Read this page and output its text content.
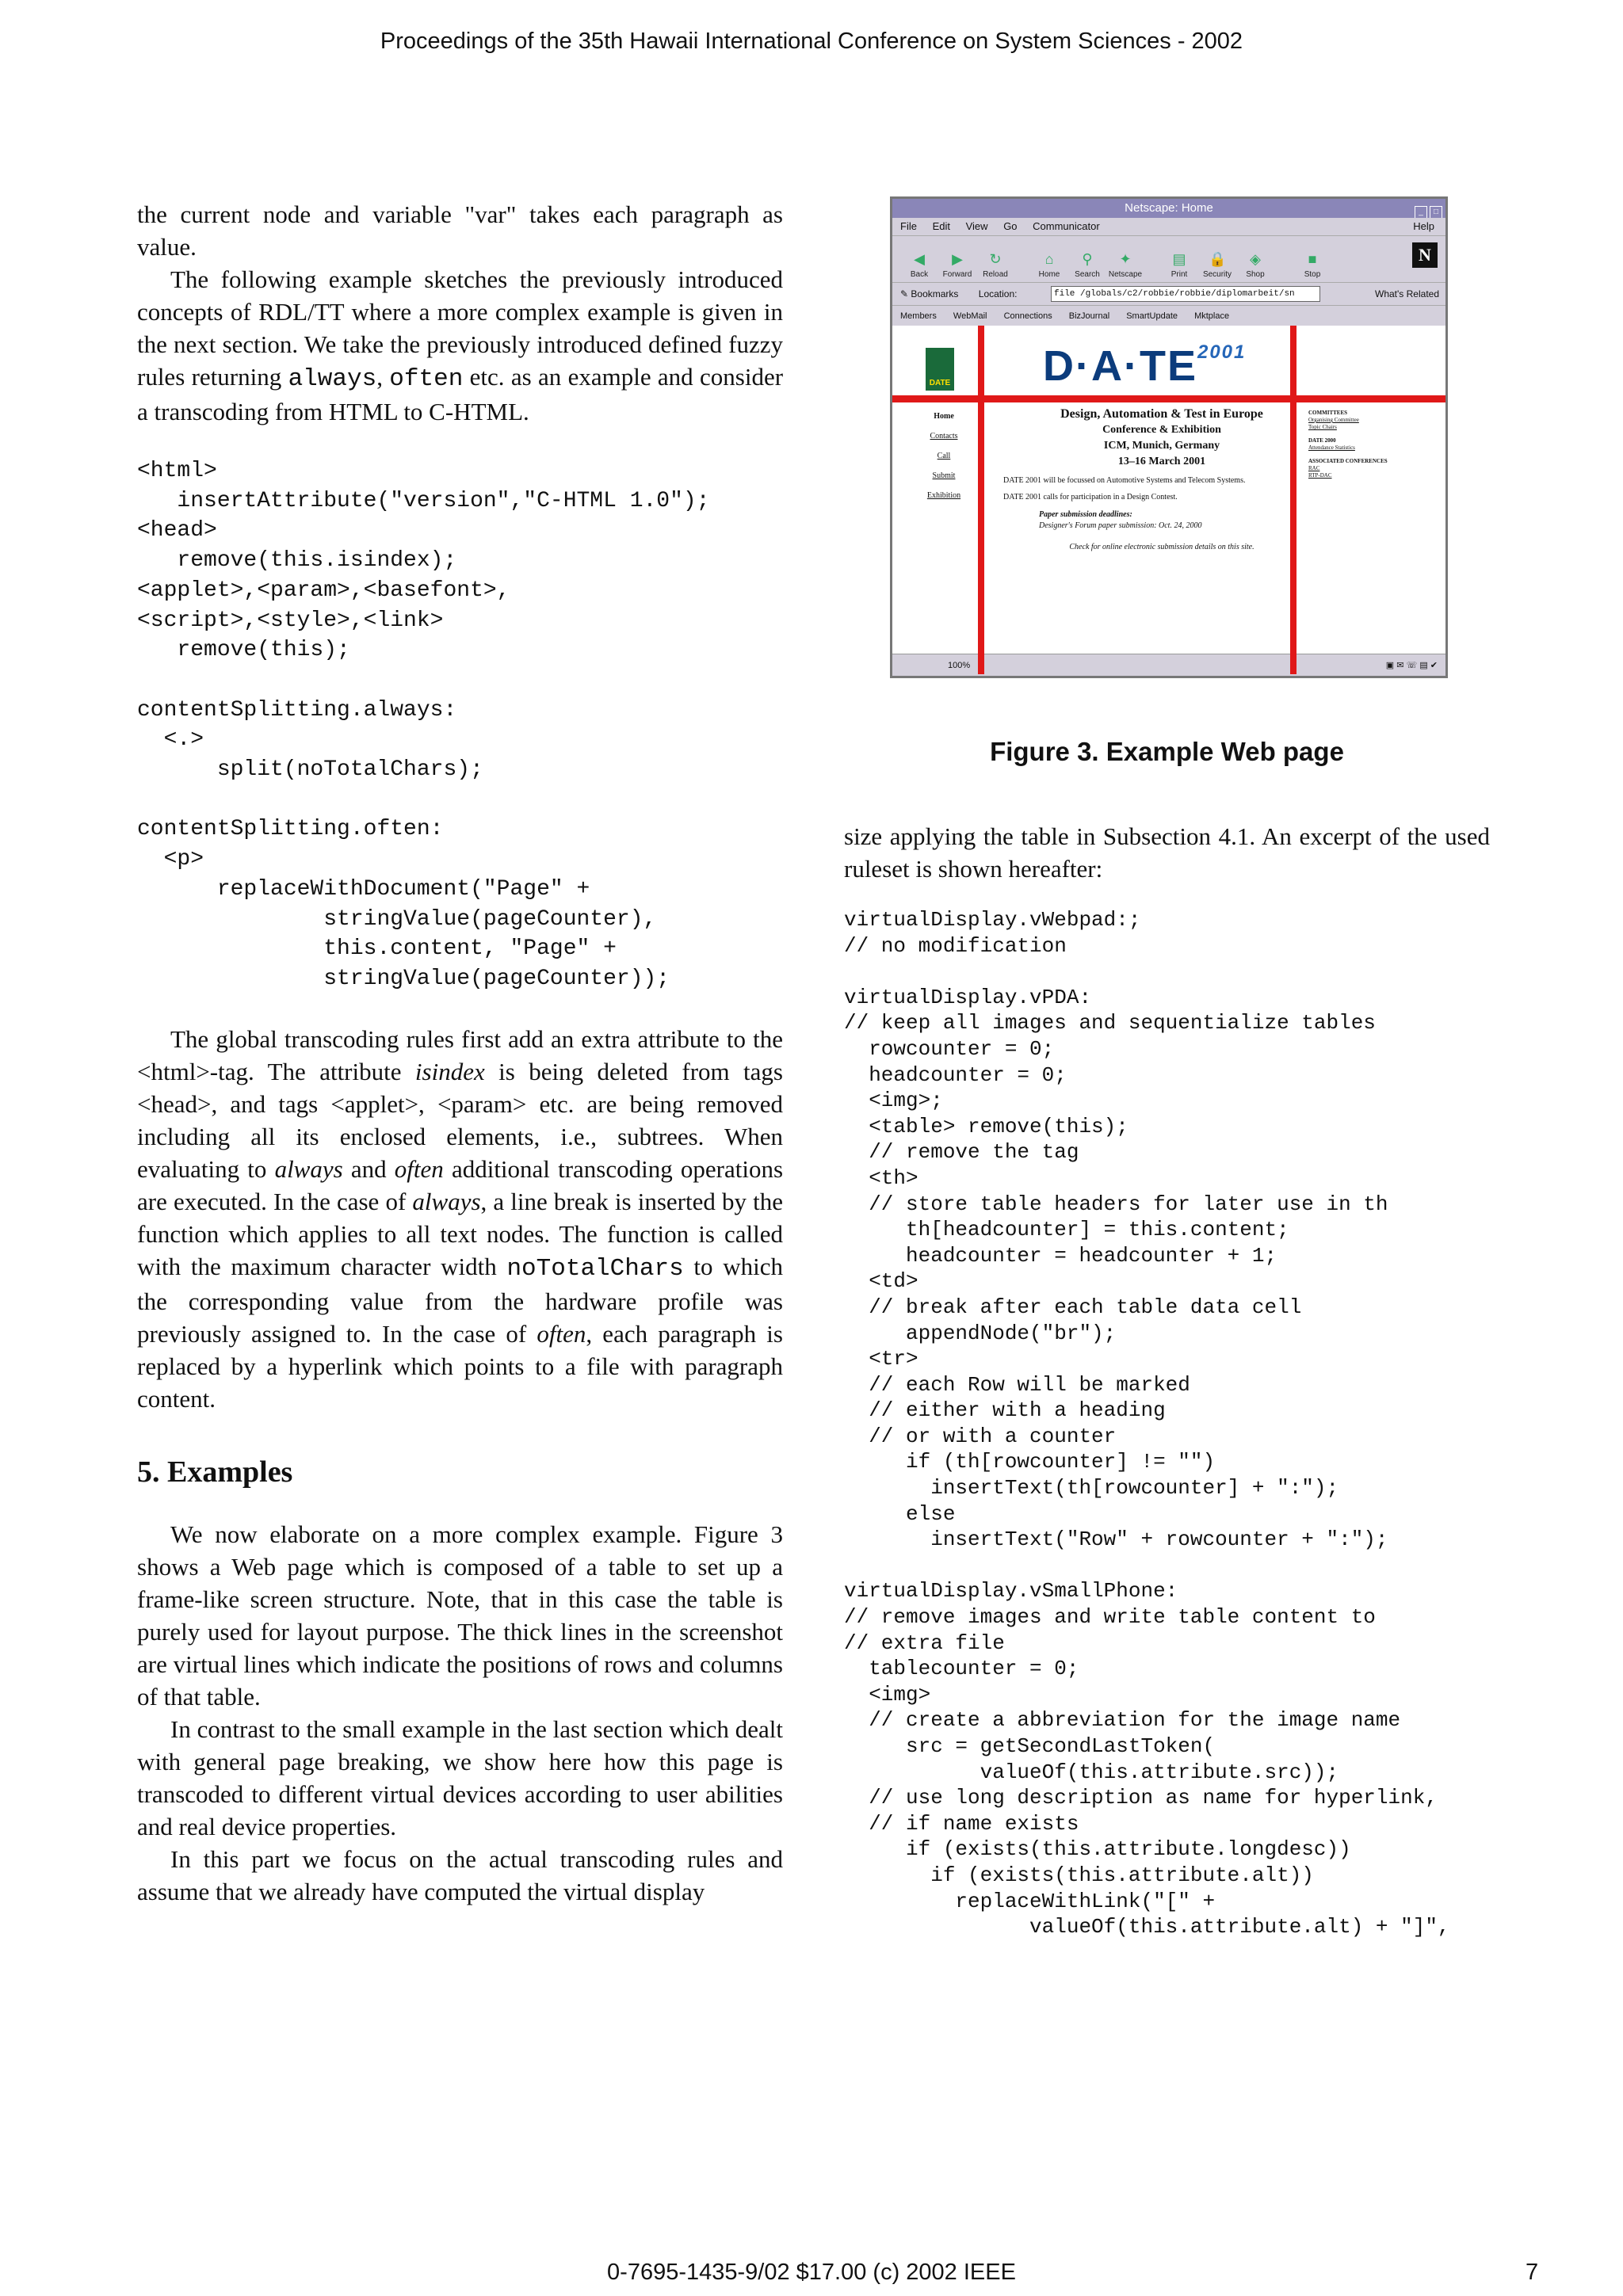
Proceedings of the 35th Hawaii International Conference on System Sciences - 2002

the current node and variable "var" takes each paragraph as value.

The following example sketches the previously introduced concepts of RDL/TT where a more complex example is given in the next section. We take the previously introduced defined fuzzy rules returning always, often etc. as an example and consider a transcoding from HTML to C-HTML.

<html>
insertAttribute("version","C-HTML 1.0");
<head>
remove(this.isindex);
<applet>,<param>,<basefont>,
<script>,<style>,<link>
remove(this);

contentSplitting.always:
<.>
split(noTotalChars);

contentSplitting.often:
<p>
replaceWithDocument("Page" +
stringValue(pageCounter),
this.content, "Page" +
stringValue(pageCounter));

The global transcoding rules first add an extra attribute to the <html>-tag. The attribute isindex is being deleted from tags <head>, and tags <applet>, <param> etc. are being removed including all its enclosed elements, i.e., subtrees. When evaluating to always and often additional transcoding operations are executed. In the case of always, a line break is inserted by the function which applies to all text nodes. The function is called with the maximum character width noTotalChars to which the corresponding value from the hardware profile was previously assigned to. In the case of often, each paragraph is replaced by a hyperlink which points to a file with paragraph content.

5. Examples

We now elaborate on a more complex example. Figure 3 shows a Web page which is composed of a table to set up a frame-like screen structure. Note, that in this case the table is purely used for layout purpose. The thick lines in the screenshot are virtual lines which indicate the positions of rows and columns of that table.

In contrast to the small example in the last section which dealt with general page breaking, we show here how this page is transcoded to different virtual devices according to user abilities and real device properties.

In this part we focus on the actual transcoding rules and assume that we already have computed the virtual display

Netscape: Home	_ □
File Edit View Go Communicator	Help
◀
Back
▶
Forward
↻
Reload
⌂
Home
⚲
Search
✦
Netscape
▤
Print
🔒
Security
◈
Shop
■
Stop
N
✎ Bookmarks Location:	file /globals/c2/robbie/robbie/diplomarbeit/sn	What's Related
Members WebMail Connections BizJournal SmartUpdate Mktplace
DATE $D\cdot A\cdot TE^{2001}$
Home
Contacts
Call
Submit
Exhibition
Design, Automation & Test in Europe
Conference & Exhibition
ICM, Munich, Germany
13–16 March 2001
DATE 2001 will be focussed on Automotive Systems and Telecom Systems.
DATE 2001 calls for participation in a Design Contest.
Paper submission deadlines:
Designer's Forum paper submission: Oct. 24, 2000
Check for online electronic submission details on this site.
COMMITTEES
Organising Committee
Topic Chairs
DATE 2000
Attendance Statistics
ASSOCIATED CONFERENCES
RAC
RTP-DAC
100%	▣ ✉ ☏ ▤ ✔
Figure 3. Example Web page

size applying the table in Subsection 4.1. An excerpt of the used ruleset is shown hereafter:

virtualDisplay.vWebpad:;
// no modification

virtualDisplay.vPDA:
// keep all images and sequentialize tables
rowcounter = 0;
headcounter = 0;
<img>;
<table> remove(this);
// remove the tag
<th>
// store table headers for later use in th
th[headcounter] = this.content;
headcounter = headcounter + 1;
<td>
// break after each table data cell
appendNode("br");
<tr>
// each Row will be marked
// either with a heading
// or with a counter
if (th[rowcounter] != "")
insertText(th[rowcounter] + ":");
else
insertText("Row" + rowcounter + ":");

virtualDisplay.vSmallPhone:
// remove images and write table content to
// extra file
tablecounter = 0;
<img>
// create a abbreviation for the image name
src = getSecondLastToken(
valueOf(this.attribute.src));
// use long description as name for hyperlink,
// if name exists
if (exists(this.attribute.longdesc))
if (exists(this.attribute.alt))
replaceWithLink("[" +
valueOf(this.attribute.alt) + "]",
0-7695-1435-9/02 $17.00 (c) 2002 IEEE	7
